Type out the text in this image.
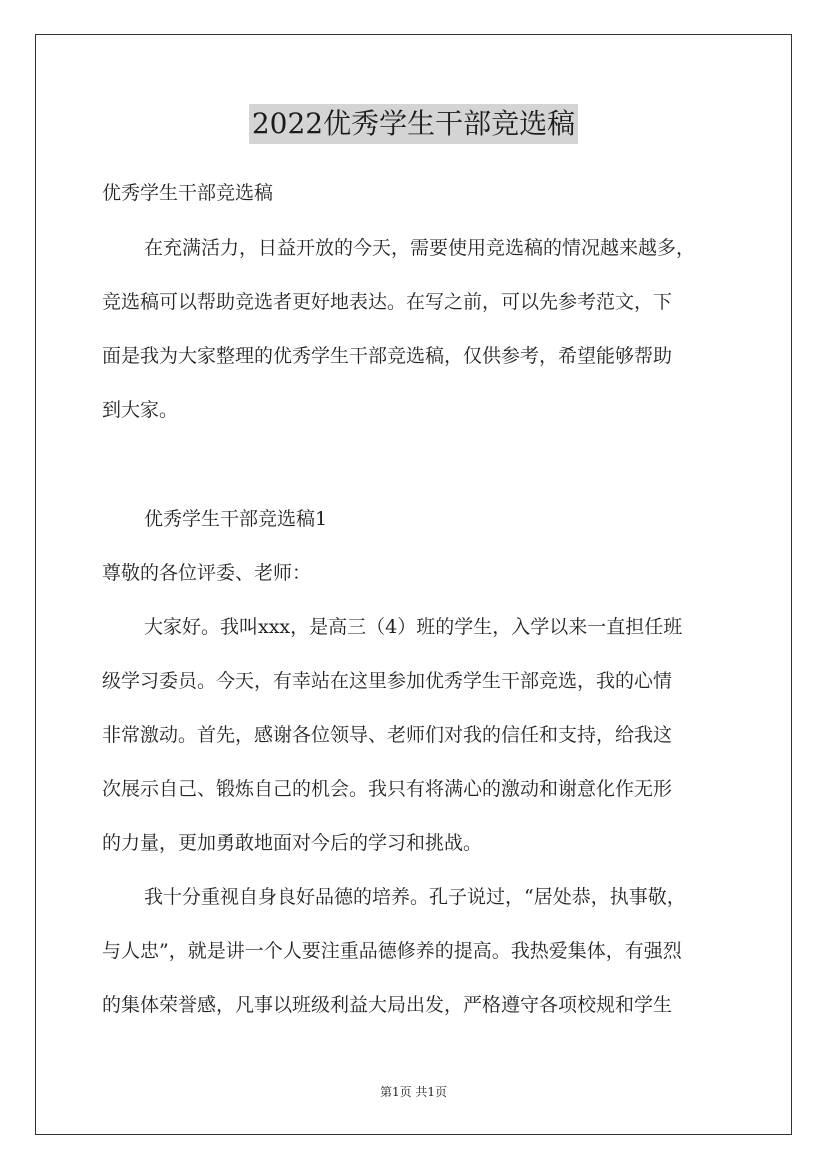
2022优秀学生干部竞选稿
优秀学生干部竞选稿
在充满活力，日益开放的今天，需要使用竞选稿的情况越来越多，
竞选稿可以帮助竞选者更好地表达。在写之前，可以先参考范文，下
面是我为大家整理的优秀学生干部竞选稿，仅供参考，希望能够帮助
到大家。
优秀学生干部竞选稿1
尊敬的各位评委、老师：
大家好。我叫xxx，是高三（4）班的学生，入学以来一直担任班
级学习委员。今天，有幸站在这里参加优秀学生干部竞选，我的心情
非常激动。首先，感谢各位领导、老师们对我的信任和支持，给我这
次展示自己、锻炼自己的机会。我只有将满心的激动和谢意化作无形
的力量，更加勇敢地面对今后的学习和挑战。
我十分重视自身良好品德的培养。孔子说过，“居处恭，执事敬，
与人忠”，就是讲一个人要注重品德修养的提高。我热爱集体，有强烈
的集体荣誉感，凡事以班级利益大局出发，严格遵守各项校规和学生
第1页 共1页
